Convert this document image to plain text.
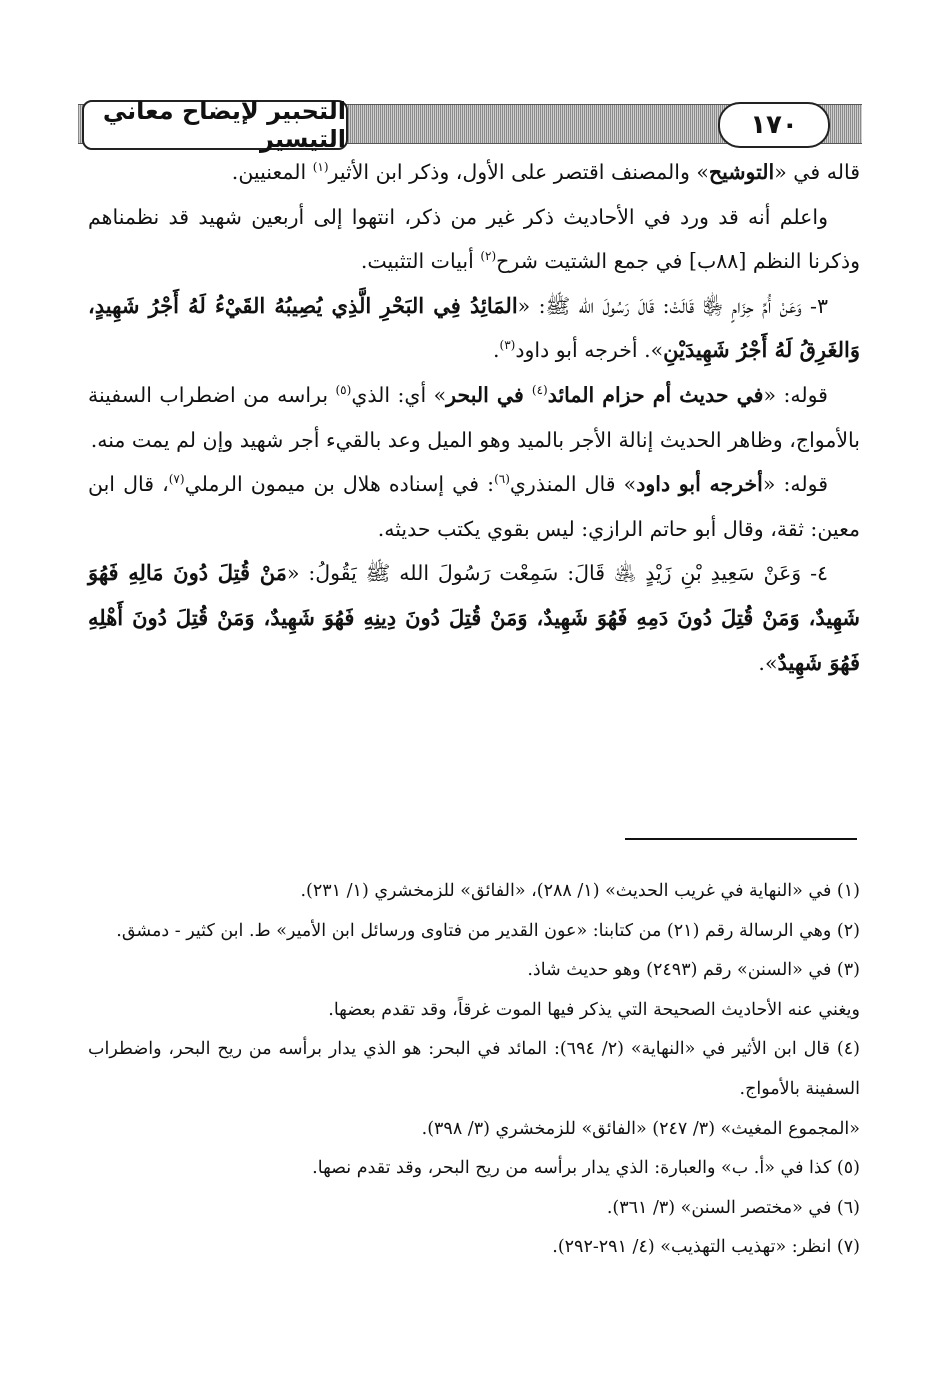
التحبير لإيضاح معاني التيسير	١٧٠

قاله في «التوشيح» والمصنف اقتصر على الأول، وذكر ابن الأثير$^{(١)}$ المعنيين.

واعلم أنه قد ورد في الأحاديث ذكر غير من ذكر، انتهوا إلى أربعين شهيد قد نظمناهم وذكرنا النظم [٨٨ب] في جمع الشتيت شرح$^{(٢)}$ أبيات التثبيت.

٣- وَعَنْ أُمِّ حِزَامٍ ﵂ قَالَتْ: قَالَ رَسُولَ الله ﷺ: «المَائِدُ فِي البَحْرِ الَّذِي يُصِيبُهُ القَيْءُ لَهُ أَجْرُ شَهِيدٍ، وَالغَرِقُ لَهُ أَجْرُ شَهِيدَيْنِ». أخرجه أبو داود$^{(٣)}$.

قوله: «في حديث أم حزام المائد$^{(٤)}$ في البحر» أي: الذي$^{(٥)}$ براسه من اضطراب السفينة بالأمواج، وظاهر الحديث إنالة الأجر بالميد وهو الميل وعد بالقيء أجر شهيد وإن لم يمت منه.

قوله: «أخرجه أبو داود» قال المنذري$^{(٦)}$: في إسناده هلال بن ميمون الرملي$^{(٧)}$، قال ابن معين: ثقة، وقال أبو حاتم الرازي: ليس بقوي يكتب حديثه.

٤- وَعَنْ سَعِيدِ بْنِ زَيْدٍ ﵁ قَالَ: سَمِعْت رَسُولَ الله ﷺ يَقُولُ: «مَنْ قُتِلَ دُونَ مَالِهِ فَهُوَ شَهِيدٌ، وَمَنْ قُتِلَ دُونَ دَمِهِ فَهُوَ شَهِيدٌ، وَمَنْ قُتِلَ دُونَ دِينِهِ فَهُوَ شَهِيدٌ، وَمَنْ قُتِلَ دُونَ أَهْلِهِ فَهُوَ شَهِيدٌ».

(١) في «النهاية في غريب الحديث» (١/ ٢٨٨)، «الفائق» للزمخشري (١/ ٢٣١).

(٢) وهي الرسالة رقم (٢١) من كتابنا: «عون القدير من فتاوى ورسائل ابن الأمير» ط. ابن كثير - دمشق.

(٣) في «السنن» رقم (٢٤٩٣) وهو حديث شاذ.

ويغني عنه الأحاديث الصحيحة التي يذكر فيها الموت غرقاً، وقد تقدم بعضها.

(٤) قال ابن الأثير في «النهاية» (٢/ ٦٩٤): المائد في البحر: هو الذي يدار برأسه من ريح البحر، واضطراب السفينة بالأمواج.

«المجموع المغيث» (٣/ ٢٤٧) «الفائق» للزمخشري (٣/ ٣٩٨).

(٥) كذا في «أ. ب» والعبارة: الذي يدار برأسه من ريح البحر، وقد تقدم نصها.

(٦) في «مختصر السنن» (٣/ ٣٦١).

(٧) انظر: «تهذيب التهذيب» (٤/ ٢٩١-٢٩٢).
